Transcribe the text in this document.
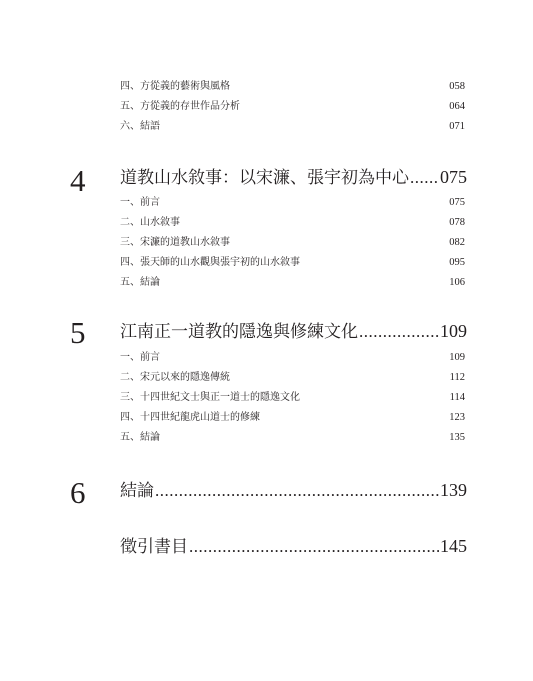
四、方從義的藝術與風格	058
五、方從義的存世作品分析	064
六、結語	071
4	道教山水敘事：以宋濂、張宇初為中心 ..... 075
一、前言	075
二、山水敘事	078
三、宋濂的道教山水敘事	082
四、張天師的山水觀與張宇初的山水敘事	095
五、結論	106
5	江南正一道教的隱逸與修練文化 .....	109
一、前言	109
二、宋元以來的隱逸傳統	112
三、十四世紀文士與正一道士的隱逸文化	114
四、十四世紀龍虎山道士的修練	123
五、結論	135
6	結論 .....	139
徵引書目 .....	145
